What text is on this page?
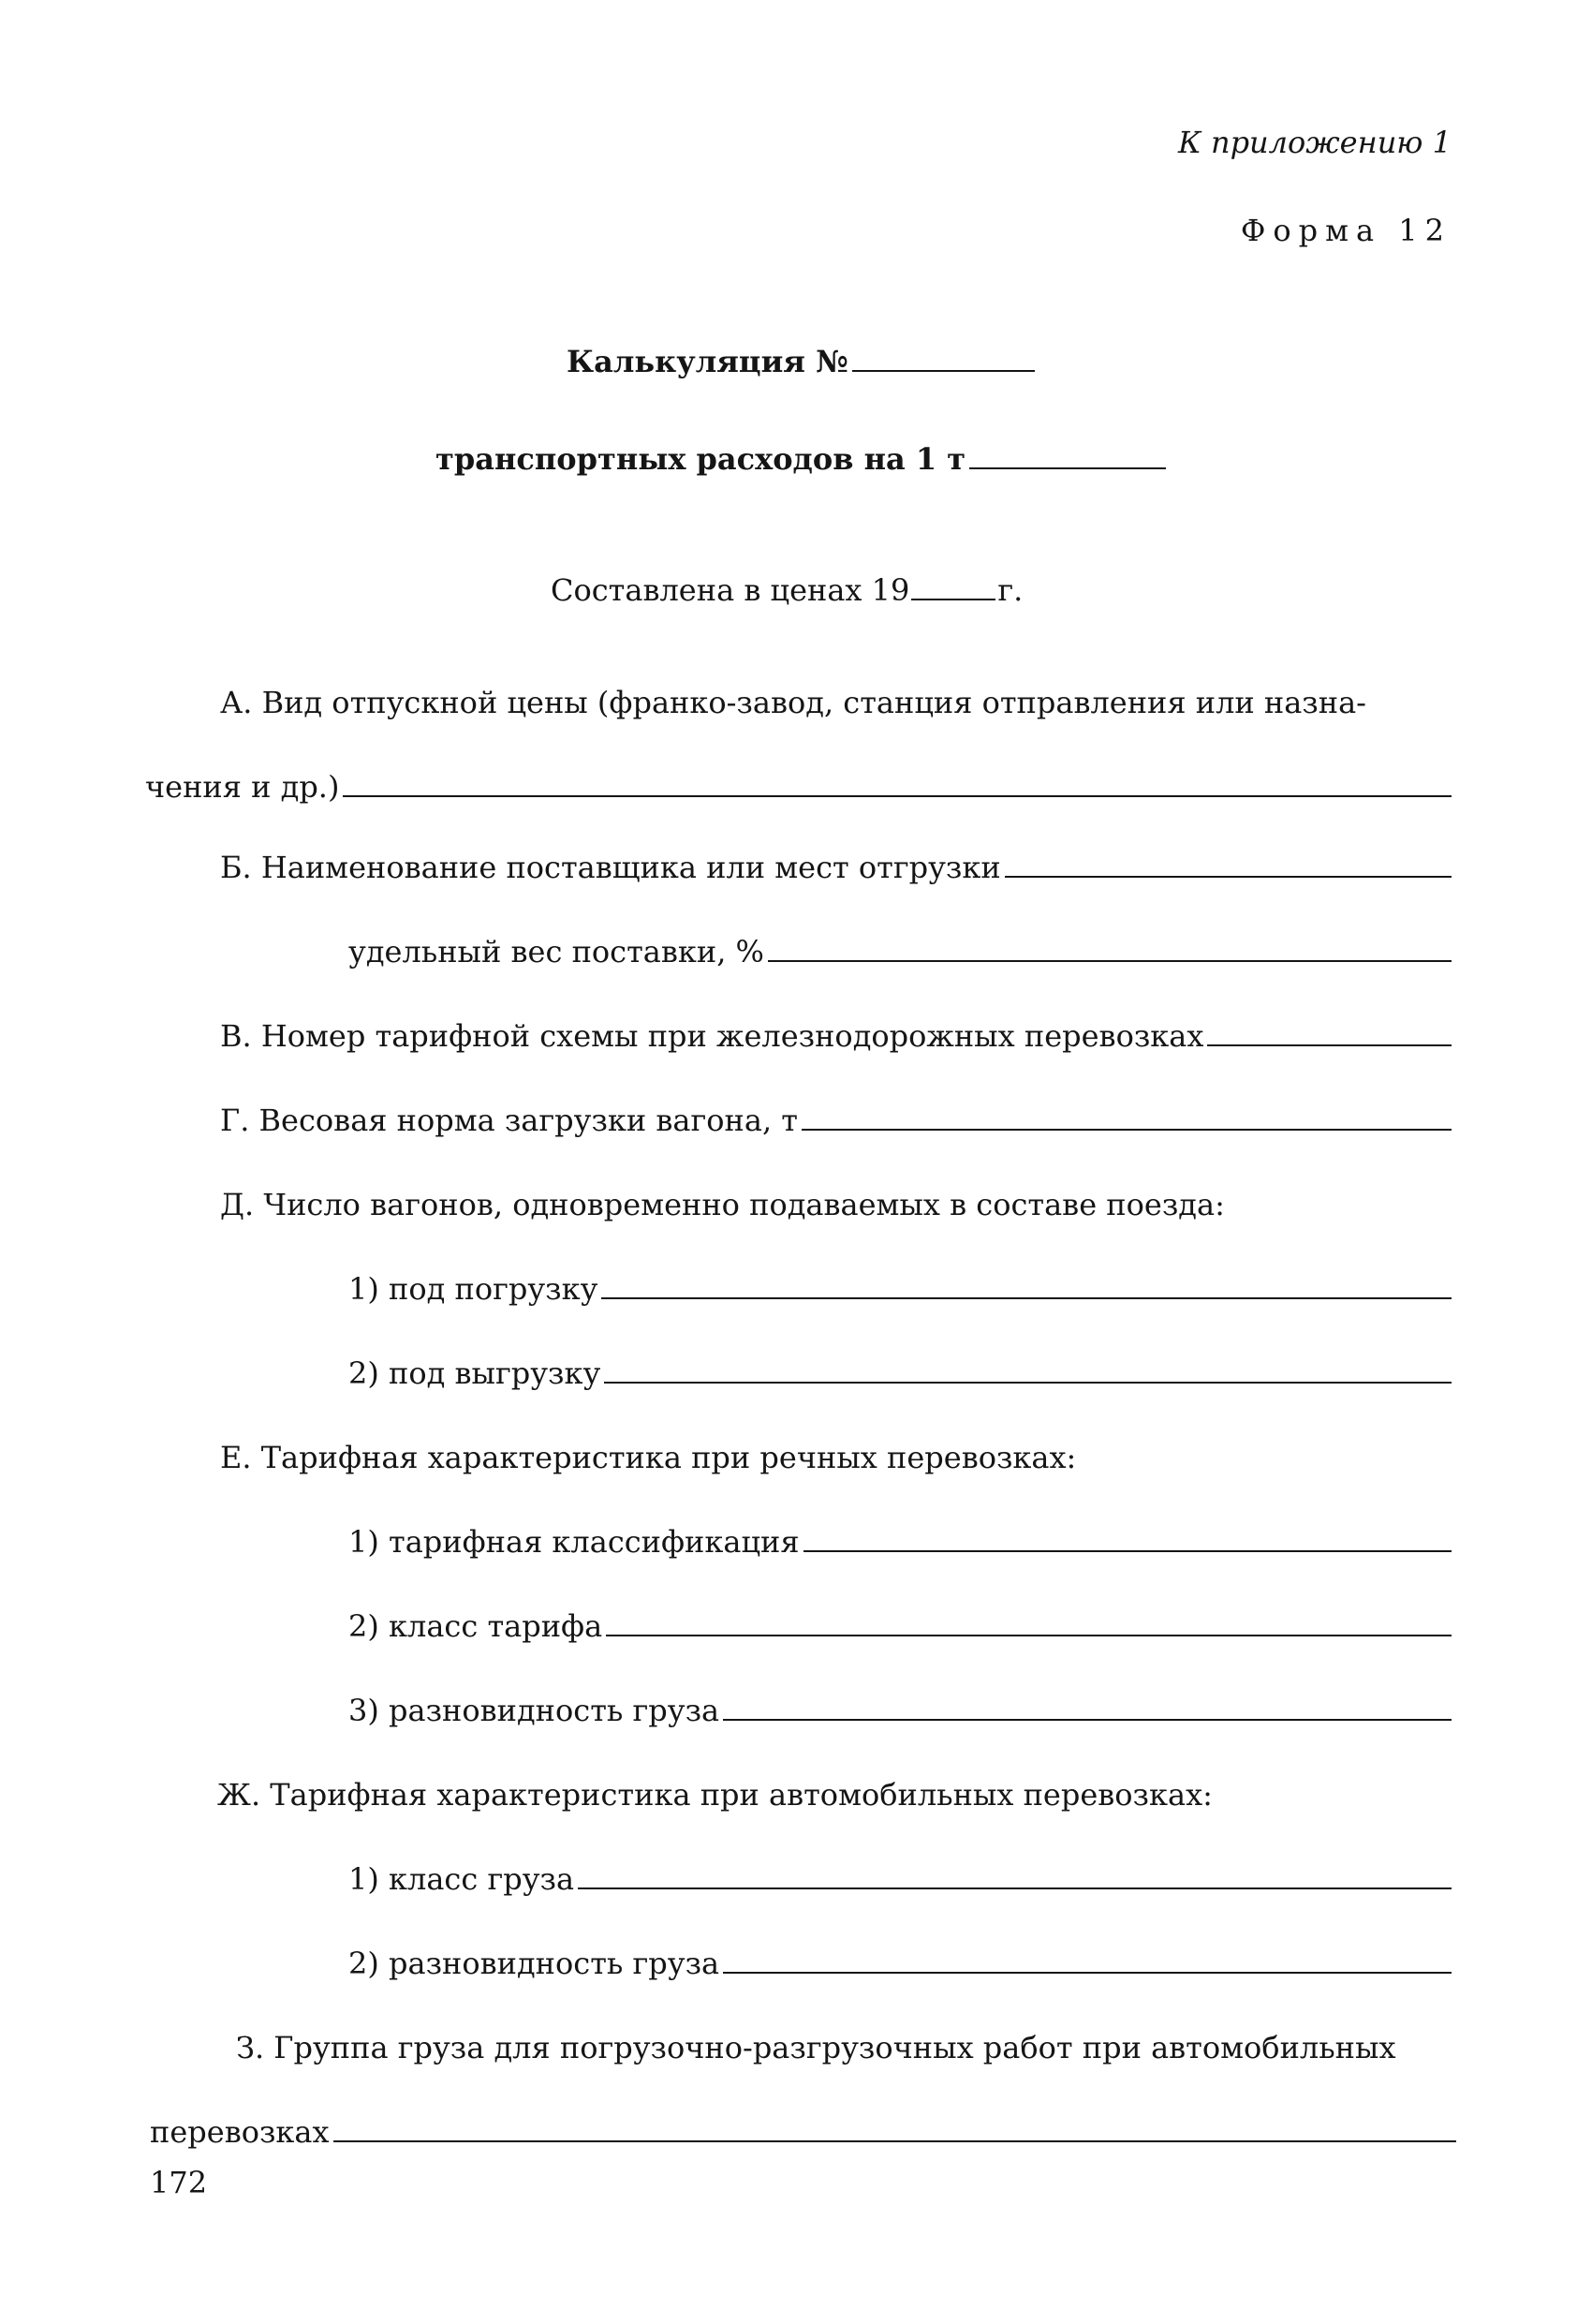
К приложению 1
Форма 12
Калькуляция №
транспортных расходов на 1 т
Составлена в ценах 19	г.
А. Вид отпускной цены (франко-завод, станция отправления или назна-
чения и др.)
Б. Наименование поставщика или мест отгрузки
удельный вес поставки, %
В. Номер тарифной схемы при железнодорожных перевозках
Г. Весовая норма загрузки вагона, т
Д. Число вагонов, одновременно подаваемых в составе поезда:
1) под погрузку
2) под выгрузку
Е. Тарифная характеристика при речных перевозках:
1) тарифная классификация
2) класс тарифа
3) разновидность груза
Ж. Тарифная характеристика при автомобильных перевозках:
1) класс груза
2) разновидность груза
З. Группа груза для погрузочно-разгрузочных работ при автомобильных
перевозках
172
